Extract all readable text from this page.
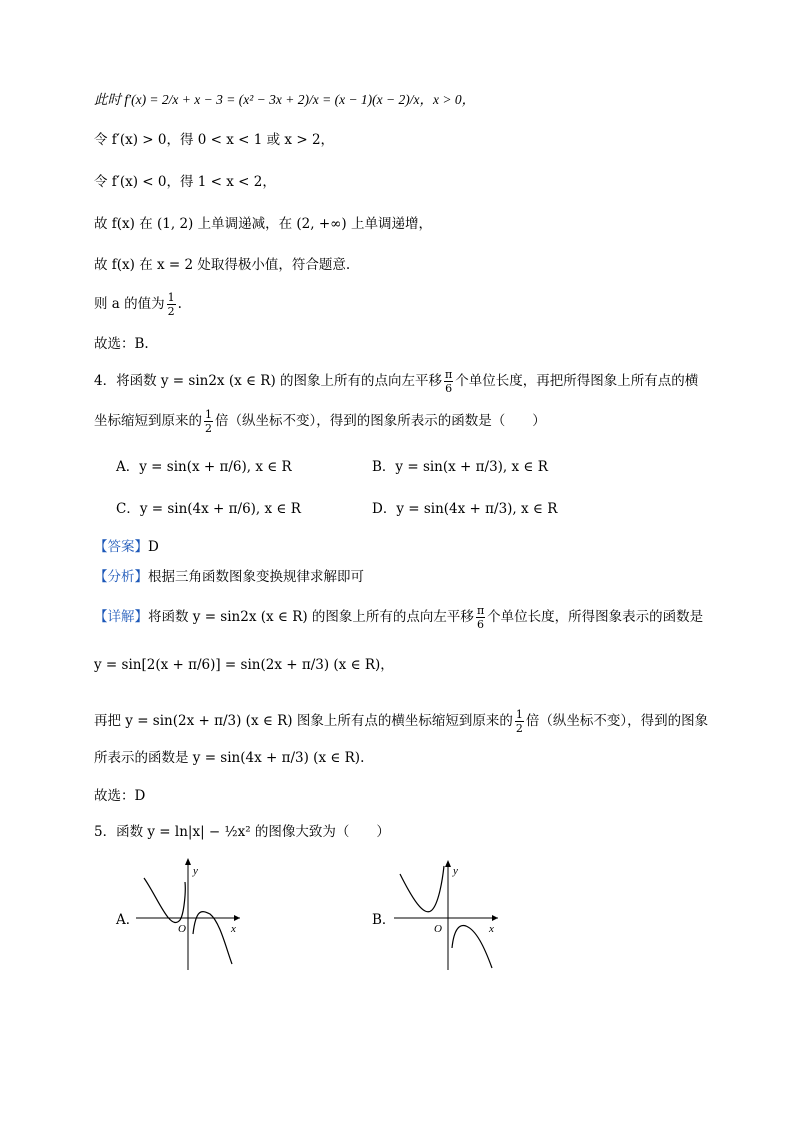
此时 f′(x) = 2/x + x − 3 = (x² − 3x + 2)/x = (x − 1)(x − 2)/x，x > 0，
令 f′(x) > 0，得 0 < x < 1 或 x > 2，
令 f′(x) < 0，得 1 < x < 2，
故 f(x) 在 (1, 2) 上单调递减，在 (2, +∞) 上单调递增，
故 f(x) 在 x = 2 处取得极小值，符合题意.
则 a 的值为 $\frac{1}{2}$ .
故选：B.
4．将函数 y = sin2x (x ∈ R) 的图象上所有的点向左平移 $\frac{\pi}{6}$ 个单位长度，再把所得图象上所有点的横
坐标缩短到原来的 $\frac{1}{2}$ 倍（纵坐标不变），得到的图象所表示的函数是（　　）
A．y = sin(x + π/6), x ∈ R	B．y = sin(x + π/3), x ∈ R
C．y = sin(4x + π/6), x ∈ R	D．y = sin(4x + π/3), x ∈ R
【答案】D
【分析】根据三角函数图象变换规律求解即可
【详解】将函数 y = sin2x (x ∈ R) 的图象上所有的点向左平移 $\frac{\pi}{6}$ 个单位长度，所得图象表示的函数是
y = sin[2(x + π/6)] = sin(2x + π/3) (x ∈ R)，
再把 y = sin(2x + π/3) (x ∈ R) 图象上所有点的横坐标缩短到原来的 $\frac{1}{2}$ 倍（纵坐标不变），得到的图象
所表示的函数是 y = sin(4x + π/3) (x ∈ R).
故选：D
5．函数 y = ln|x| − ½x² 的图像大致为（　　）
A．
y
x
O
B．
y
x
O
